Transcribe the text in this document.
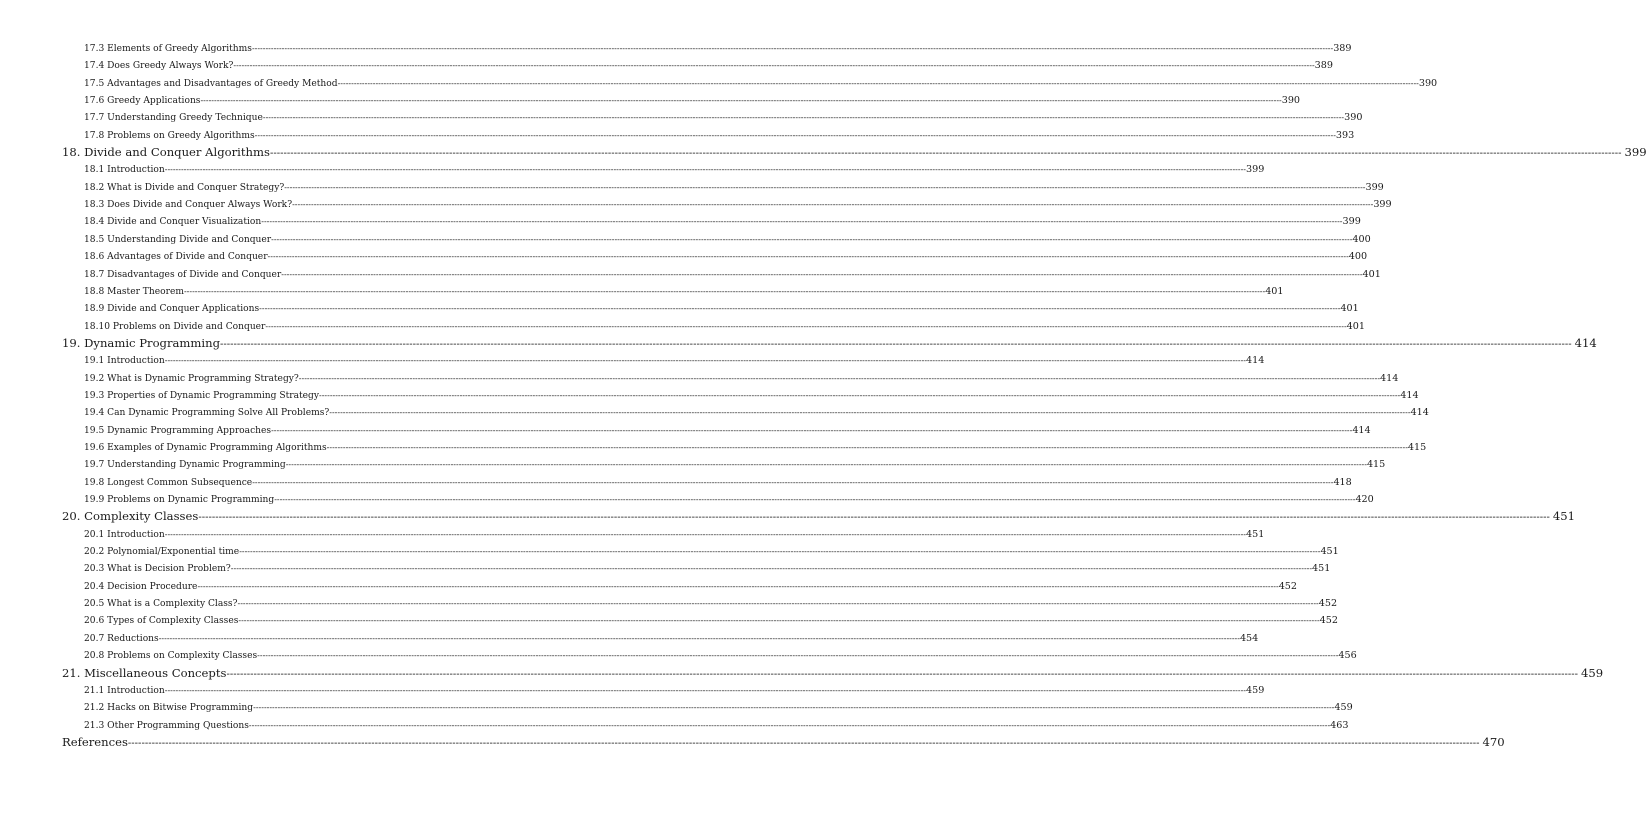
17.3 Elements of Greedy Algorithms ---------------------------------------------------------------------------------------------------------------------------------------------------------------------------------------------------------------------------------------------------------------------------------------------------------------------------------------------------------------------------------------------------------------- 389
17.4 Does Greedy Always Work? ---------------------------------------------------------------------------------------------------------------------------------------------------------------------------------------------------------------------------------------------------------------------------------------------------------------------------------------------------------------------------------------------------------------- 389
17.5 Advantages and Disadvantages of Greedy Method ---------------------------------------------------------------------------------------------------------------------------------------------------------------------------------------------------------------------------------------------------------------------------------------------------------------------------------------------------------------------------------------------------------------- 390
17.6 Greedy Applications ---------------------------------------------------------------------------------------------------------------------------------------------------------------------------------------------------------------------------------------------------------------------------------------------------------------------------------------------------------------------------------------------------------------- 390
17.7 Understanding Greedy Technique ---------------------------------------------------------------------------------------------------------------------------------------------------------------------------------------------------------------------------------------------------------------------------------------------------------------------------------------------------------------------------------------------------------------- 390
17.8 Problems on Greedy Algorithms ---------------------------------------------------------------------------------------------------------------------------------------------------------------------------------------------------------------------------------------------------------------------------------------------------------------------------------------------------------------------------------------------------------------- 393
18. Divide and Conquer Algorithms ---------------------------------------------------------------------------------------------------------------------------------------------------------------------------------------------------------------------------------------------------------------------------------------------------------------------------------------------------------------------------------------------------------------- 399
18.1 Introduction ---------------------------------------------------------------------------------------------------------------------------------------------------------------------------------------------------------------------------------------------------------------------------------------------------------------------------------------------------------------------------------------------------------------- 399
18.2 What is Divide and Conquer Strategy? ---------------------------------------------------------------------------------------------------------------------------------------------------------------------------------------------------------------------------------------------------------------------------------------------------------------------------------------------------------------------------------------------------------------- 399
18.3 Does Divide and Conquer Always Work? ---------------------------------------------------------------------------------------------------------------------------------------------------------------------------------------------------------------------------------------------------------------------------------------------------------------------------------------------------------------------------------------------------------------- 399
18.4 Divide and Conquer Visualization ---------------------------------------------------------------------------------------------------------------------------------------------------------------------------------------------------------------------------------------------------------------------------------------------------------------------------------------------------------------------------------------------------------------- 399
18.5 Understanding Divide and Conquer ---------------------------------------------------------------------------------------------------------------------------------------------------------------------------------------------------------------------------------------------------------------------------------------------------------------------------------------------------------------------------------------------------------------- 400
18.6 Advantages of Divide and Conquer ---------------------------------------------------------------------------------------------------------------------------------------------------------------------------------------------------------------------------------------------------------------------------------------------------------------------------------------------------------------------------------------------------------------- 400
18.7 Disadvantages of Divide and Conquer ---------------------------------------------------------------------------------------------------------------------------------------------------------------------------------------------------------------------------------------------------------------------------------------------------------------------------------------------------------------------------------------------------------------- 401
18.8 Master Theorem ---------------------------------------------------------------------------------------------------------------------------------------------------------------------------------------------------------------------------------------------------------------------------------------------------------------------------------------------------------------------------------------------------------------- 401
18.9 Divide and Conquer Applications ---------------------------------------------------------------------------------------------------------------------------------------------------------------------------------------------------------------------------------------------------------------------------------------------------------------------------------------------------------------------------------------------------------------- 401
18.10 Problems on Divide and Conquer ---------------------------------------------------------------------------------------------------------------------------------------------------------------------------------------------------------------------------------------------------------------------------------------------------------------------------------------------------------------------------------------------------------------- 401
19. Dynamic Programming ---------------------------------------------------------------------------------------------------------------------------------------------------------------------------------------------------------------------------------------------------------------------------------------------------------------------------------------------------------------------------------------------------------------- 414
19.1 Introduction ---------------------------------------------------------------------------------------------------------------------------------------------------------------------------------------------------------------------------------------------------------------------------------------------------------------------------------------------------------------------------------------------------------------- 414
19.2 What is Dynamic Programming Strategy? ---------------------------------------------------------------------------------------------------------------------------------------------------------------------------------------------------------------------------------------------------------------------------------------------------------------------------------------------------------------------------------------------------------------- 414
19.3 Properties of Dynamic Programming Strategy ---------------------------------------------------------------------------------------------------------------------------------------------------------------------------------------------------------------------------------------------------------------------------------------------------------------------------------------------------------------------------------------------------------------- 414
19.4 Can Dynamic Programming Solve All Problems? ---------------------------------------------------------------------------------------------------------------------------------------------------------------------------------------------------------------------------------------------------------------------------------------------------------------------------------------------------------------------------------------------------------------- 414
19.5 Dynamic Programming Approaches ---------------------------------------------------------------------------------------------------------------------------------------------------------------------------------------------------------------------------------------------------------------------------------------------------------------------------------------------------------------------------------------------------------------- 414
19.6 Examples of Dynamic Programming Algorithms ---------------------------------------------------------------------------------------------------------------------------------------------------------------------------------------------------------------------------------------------------------------------------------------------------------------------------------------------------------------------------------------------------------------- 415
19.7 Understanding Dynamic Programming ---------------------------------------------------------------------------------------------------------------------------------------------------------------------------------------------------------------------------------------------------------------------------------------------------------------------------------------------------------------------------------------------------------------- 415
19.8 Longest Common Subsequence ---------------------------------------------------------------------------------------------------------------------------------------------------------------------------------------------------------------------------------------------------------------------------------------------------------------------------------------------------------------------------------------------------------------- 418
19.9 Problems on Dynamic Programming ---------------------------------------------------------------------------------------------------------------------------------------------------------------------------------------------------------------------------------------------------------------------------------------------------------------------------------------------------------------------------------------------------------------- 420
20. Complexity Classes ---------------------------------------------------------------------------------------------------------------------------------------------------------------------------------------------------------------------------------------------------------------------------------------------------------------------------------------------------------------------------------------------------------------- 451
20.1 Introduction ---------------------------------------------------------------------------------------------------------------------------------------------------------------------------------------------------------------------------------------------------------------------------------------------------------------------------------------------------------------------------------------------------------------- 451
20.2 Polynomial/Exponential time ---------------------------------------------------------------------------------------------------------------------------------------------------------------------------------------------------------------------------------------------------------------------------------------------------------------------------------------------------------------------------------------------------------------- 451
20.3 What is Decision Problem? ---------------------------------------------------------------------------------------------------------------------------------------------------------------------------------------------------------------------------------------------------------------------------------------------------------------------------------------------------------------------------------------------------------------- 451
20.4 Decision Procedure ---------------------------------------------------------------------------------------------------------------------------------------------------------------------------------------------------------------------------------------------------------------------------------------------------------------------------------------------------------------------------------------------------------------- 452
20.5 What is a Complexity Class? ---------------------------------------------------------------------------------------------------------------------------------------------------------------------------------------------------------------------------------------------------------------------------------------------------------------------------------------------------------------------------------------------------------------- 452
20.6 Types of Complexity Classes ---------------------------------------------------------------------------------------------------------------------------------------------------------------------------------------------------------------------------------------------------------------------------------------------------------------------------------------------------------------------------------------------------------------- 452
20.7 Reductions ---------------------------------------------------------------------------------------------------------------------------------------------------------------------------------------------------------------------------------------------------------------------------------------------------------------------------------------------------------------------------------------------------------------- 454
20.8 Problems on Complexity Classes ---------------------------------------------------------------------------------------------------------------------------------------------------------------------------------------------------------------------------------------------------------------------------------------------------------------------------------------------------------------------------------------------------------------- 456
21. Miscellaneous Concepts ---------------------------------------------------------------------------------------------------------------------------------------------------------------------------------------------------------------------------------------------------------------------------------------------------------------------------------------------------------------------------------------------------------------- 459
21.1 Introduction ---------------------------------------------------------------------------------------------------------------------------------------------------------------------------------------------------------------------------------------------------------------------------------------------------------------------------------------------------------------------------------------------------------------- 459
21.2 Hacks on Bitwise Programming ---------------------------------------------------------------------------------------------------------------------------------------------------------------------------------------------------------------------------------------------------------------------------------------------------------------------------------------------------------------------------------------------------------------- 459
21.3 Other Programming Questions ---------------------------------------------------------------------------------------------------------------------------------------------------------------------------------------------------------------------------------------------------------------------------------------------------------------------------------------------------------------------------------------------------------------- 463
References ---------------------------------------------------------------------------------------------------------------------------------------------------------------------------------------------------------------------------------------------------------------------------------------------------------------------------------------------------------------------------------------------------------------- 470
